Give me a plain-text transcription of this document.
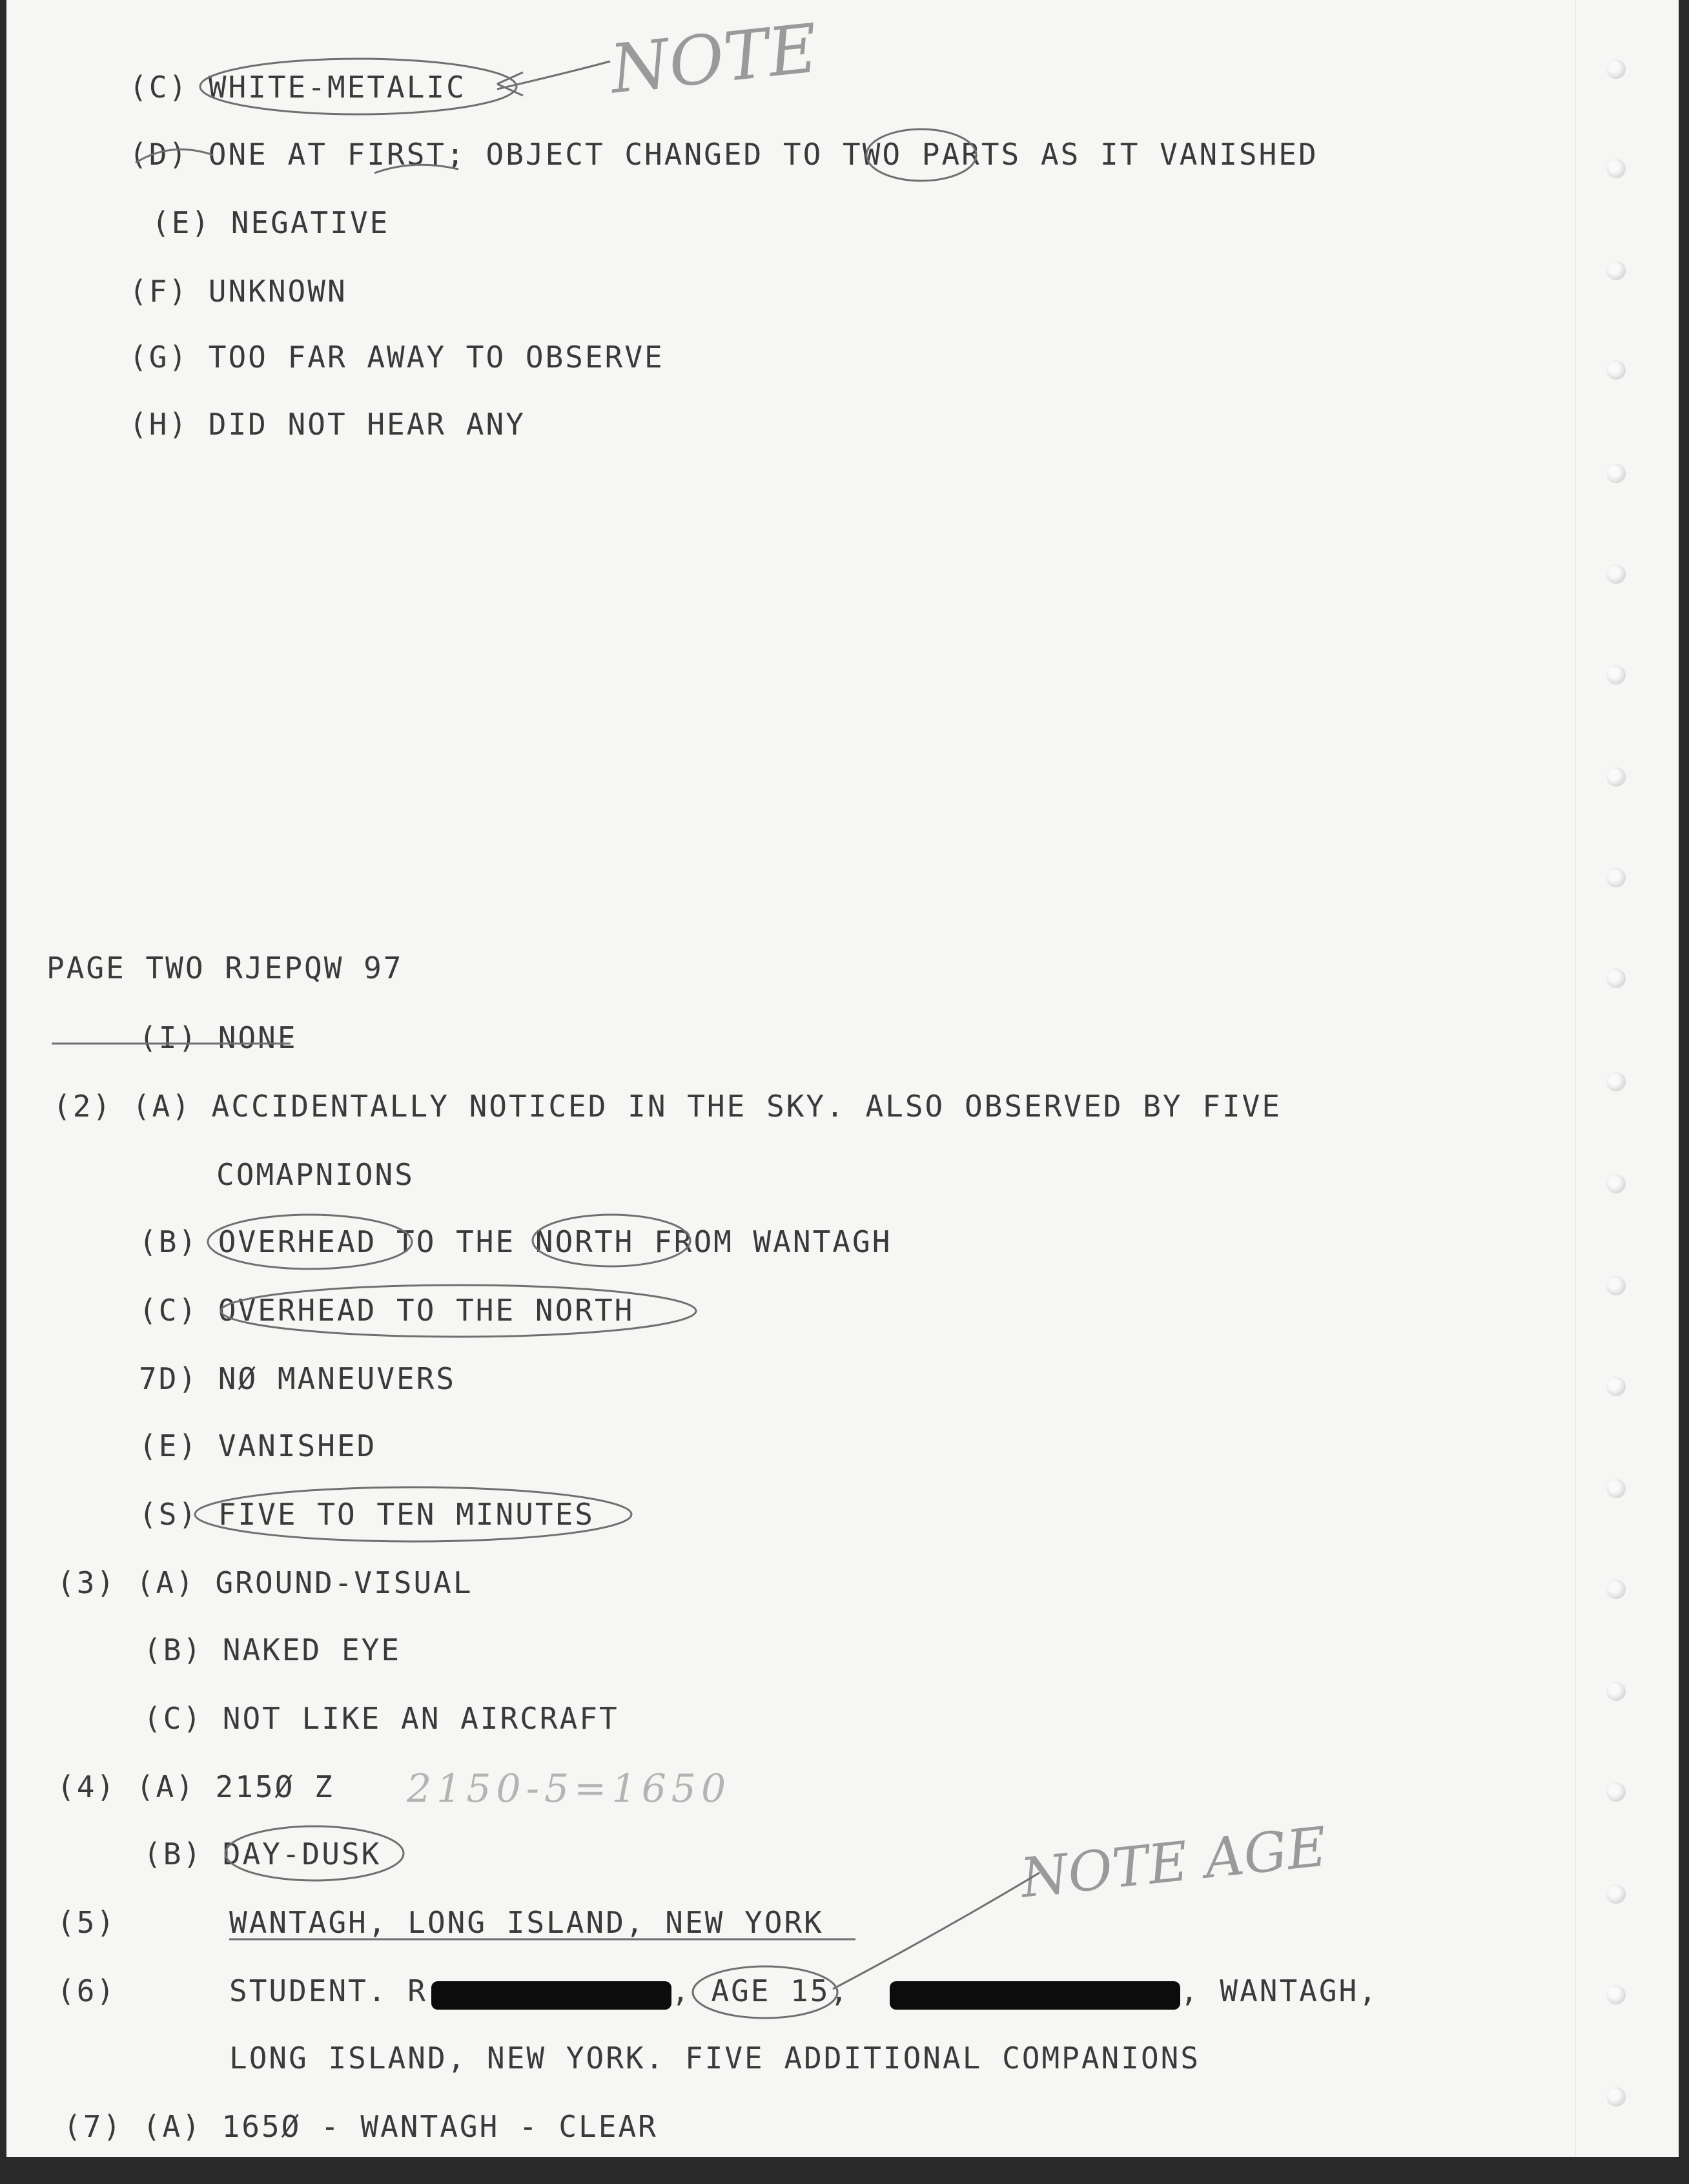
(C) WHITE-METALIC
(D) ONE AT FIRST; OBJECT CHANGED TO TWO PARTS AS IT VANISHED
(E) NEGATIVE
(F) UNKNOWN
(G) TOO FAR AWAY TO OBSERVE
(H) DID NOT HEAR ANY
PAGE TWO RJEPQW 97
(I) NONE
(2) (A) ACCIDENTALLY NOTICED IN THE SKY. ALSO OBSERVED BY FIVE
COMAPNIONS
(B) OVERHEAD TO THE NORTH FROM WANTAGH
(C) OVERHEAD TO THE NORTH
7D) NØ MANEUVERS
(E) VANISHED
(S) FIVE TO TEN MINUTES
(3) (A) GROUND-VISUAL
(B) NAKED EYE
(C) NOT LIKE AN AIRCRAFT
(4) (A) 215Ø Z
(B) DAY-DUSK
(5)	WANTAGH, LONG ISLAND, NEW YORK
(6)	STUDENT. R	, AGE 15,	, WANTAGH,
LONG ISLAND, NEW YORK. FIVE ADDITIONAL COMPANIONS
(7) (A) 165Ø - WANTAGH - CLEAR
NOTE
2150-5=1650
NOTE AGE
